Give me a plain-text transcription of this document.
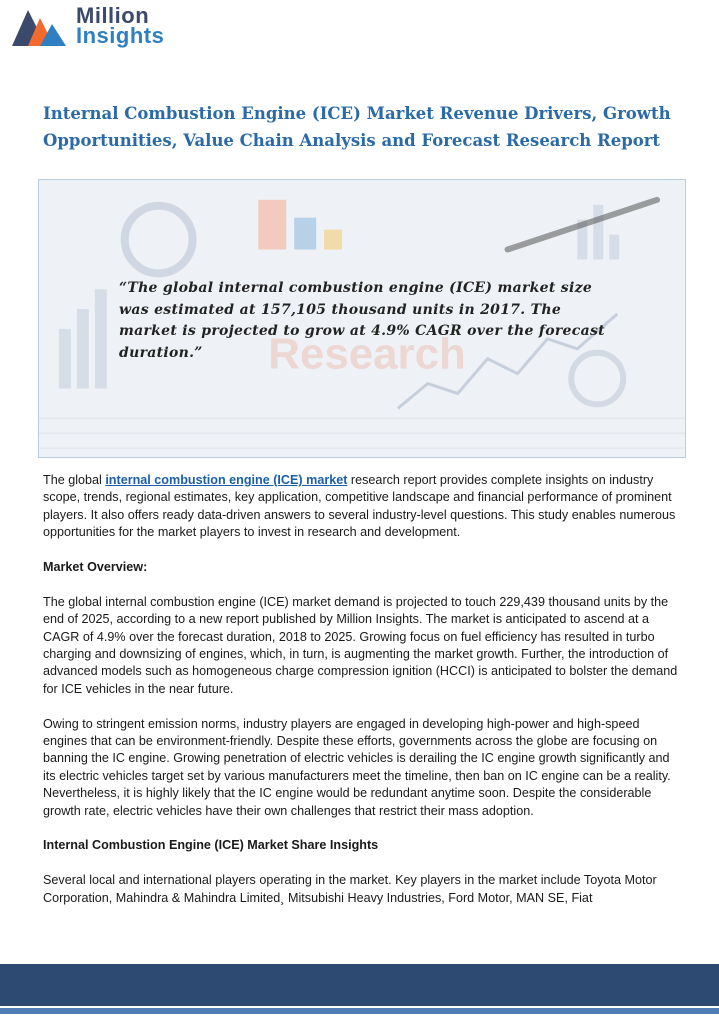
Million
Insights
Internal Combustion Engine (ICE) Market Revenue Drivers, Growth Opportunities, Value Chain Analysis and Forecast Research Report
Research

“The global internal combustion engine (ICE) market size was estimated at 157,105 thousand units in 2017. The market is projected to grow at 4.9% CAGR over the forecast duration.”

The global internal combustion engine (ICE) market research report provides complete insights on industry scope, trends, regional estimates, key application, competitive landscape and financial performance of prominent players. It also offers ready data-driven answers to several industry-level questions. This study enables numerous opportunities for the market players to invest in research and development.

Market Overview:

The global internal combustion engine (ICE) market demand is projected to touch 229,439 thousand units by the end of 2025, according to a new report published by Million Insights. The market is anticipated to ascend at a CAGR of 4.9% over the forecast duration, 2018 to 2025. Growing focus on fuel efficiency has resulted in turbo charging and downsizing of engines, which, in turn, is augmenting the market growth. Further, the introduction of advanced models such as homogeneous charge compression ignition (HCCI) is anticipated to bolster the demand for ICE vehicles in the near future.

Owing to stringent emission norms, industry players are engaged in developing high-power and high-speed engines that can be environment-friendly. Despite these efforts, governments across the globe are focusing on banning the IC engine. Growing penetration of electric vehicles is derailing the IC engine growth significantly and its electric vehicles target set by various manufacturers meet the timeline, then ban on IC engine can be a reality. Nevertheless, it is highly likely that the IC engine would be redundant anytime soon. Despite the considerable growth rate, electric vehicles have their own challenges that restrict their mass adoption.

Internal Combustion Engine (ICE) Market Share Insights

Several local and international players operating in the market. Key players in the market include Toyota Motor Corporation, Mahindra & Mahindra Limited¸ Mitsubishi Heavy Industries, Ford Motor, MAN SE, Fiat
